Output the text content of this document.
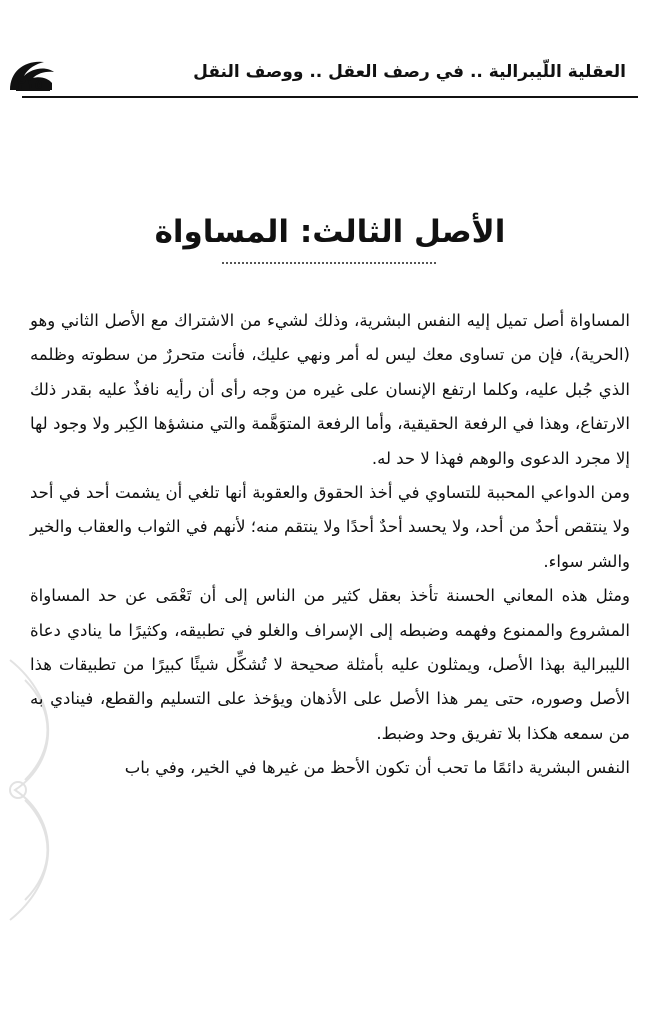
٢١٥
العقلية اللّيبرالية .. في رصف العقل .. ووصف النقل
الأصل الثالث: المساواة

المساواة أصل تميل إليه النفس البشرية، وذلك لشيء من الاشتراك مع الأصل الثاني وهو (الحرية)، فإن من تساوى معك ليس له أمر ونهي عليك، فأنت متحررٌ من سطوته وظلمه الذي جُبل عليه، وكلما ارتفع الإنسان على غيره من وجه رأى أن رأيه نافذٌ عليه بقدر ذلك الارتفاع، وهذا في الرفعة الحقيقية، وأما الرفعة المتوَهَّمة والتي منشؤها الكِبر ولا وجود لها إلا مجرد الدعوى والوهم فهذا لا حد له.

ومن الدواعي المحببة للتساوي في أخذ الحقوق والعقوبة أنها تلغي أن يشمت أحد في أحد ولا ينتقص أحدٌ من أحد، ولا يحسد أحدٌ أحدًا ولا ينتقم منه؛ لأنهم في الثواب والعقاب والخير والشر سواء.

ومثل هذه المعاني الحسنة تأخذ بعقل كثير من الناس إلى أن تَعْمَى عن حد المساواة المشروع والممنوع وفهمه وضبطه إلى الإسراف والغلو في تطبيقه، وكثيرًا ما ينادي دعاة الليبرالية بهذا الأصل، ويمثلون عليه بأمثلة صحيحة لا تُشكِّل شيئًا كبيرًا من تطبيقات هذا الأصل وصوره، حتى يمر هذا الأصل على الأذهان ويؤخذ على التسليم والقطع، فينادي به من سمعه هكذا بلا تفريق وحد وضبط.

النفس البشرية دائمًا ما تحب أن تكون الأحظ من غيرها في الخير، وفي باب
